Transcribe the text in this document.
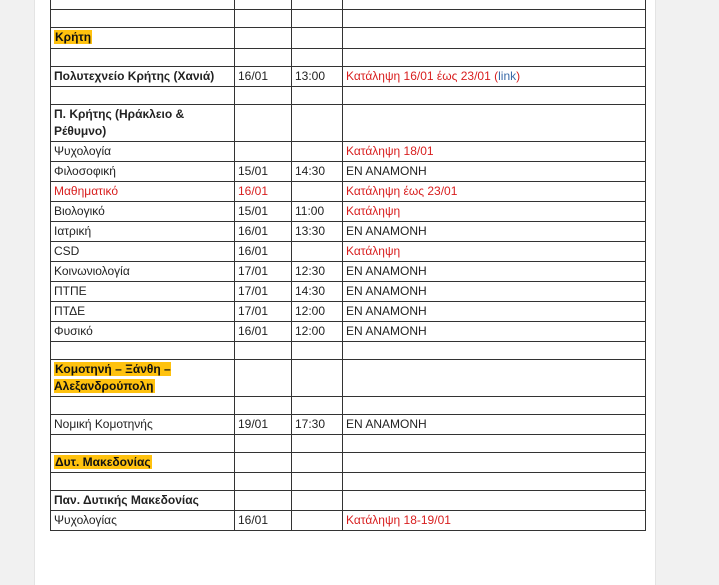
Κρήτη			

Πολυτεχνείο Κρήτης (Χανιά)	16/01	13:00	Κατάληψη 16/01 έως 23/01 (link)

Π. Κρήτης (Ηράκλειο & Ρέθυμνο)			
Ψυχολογία			Κατάληψη 18/01
Φιλοσοφική	15/01	14:30	ΕΝ ΑΝΑΜΟΝΗ
Μαθηματικό	16/01		Κατάληψη έως 23/01
Βιολογικό	15/01	11:00	Κατάληψη
Ιατρική	16/01	13:30	ΕΝ ΑΝΑΜΟΝΗ
CSD	16/01		Κατάληψη
Κοινωνιολογία	17/01	12:30	ΕΝ ΑΝΑΜΟΝΗ
ΠΤΠΕ	17/01	14:30	ΕΝ ΑΝΑΜΟΝΗ
ΠΤΔΕ	17/01	12:00	ΕΝ ΑΝΑΜΟΝΗ
Φυσικό	16/01	12:00	ΕΝ ΑΝΑΜΟΝΗ

Κομοτηνή – Ξάνθη – Αλεξανδρούπολη			

Νομική Κομοτηνής	19/01	17:30	ΕΝ ΑΝΑΜΟΝΗ

Δυτ. Μακεδονίας			

Παν. Δυτικής Μακεδονίας			
Ψυχολογίας	16/01		Κατάληψη 18-19/01
